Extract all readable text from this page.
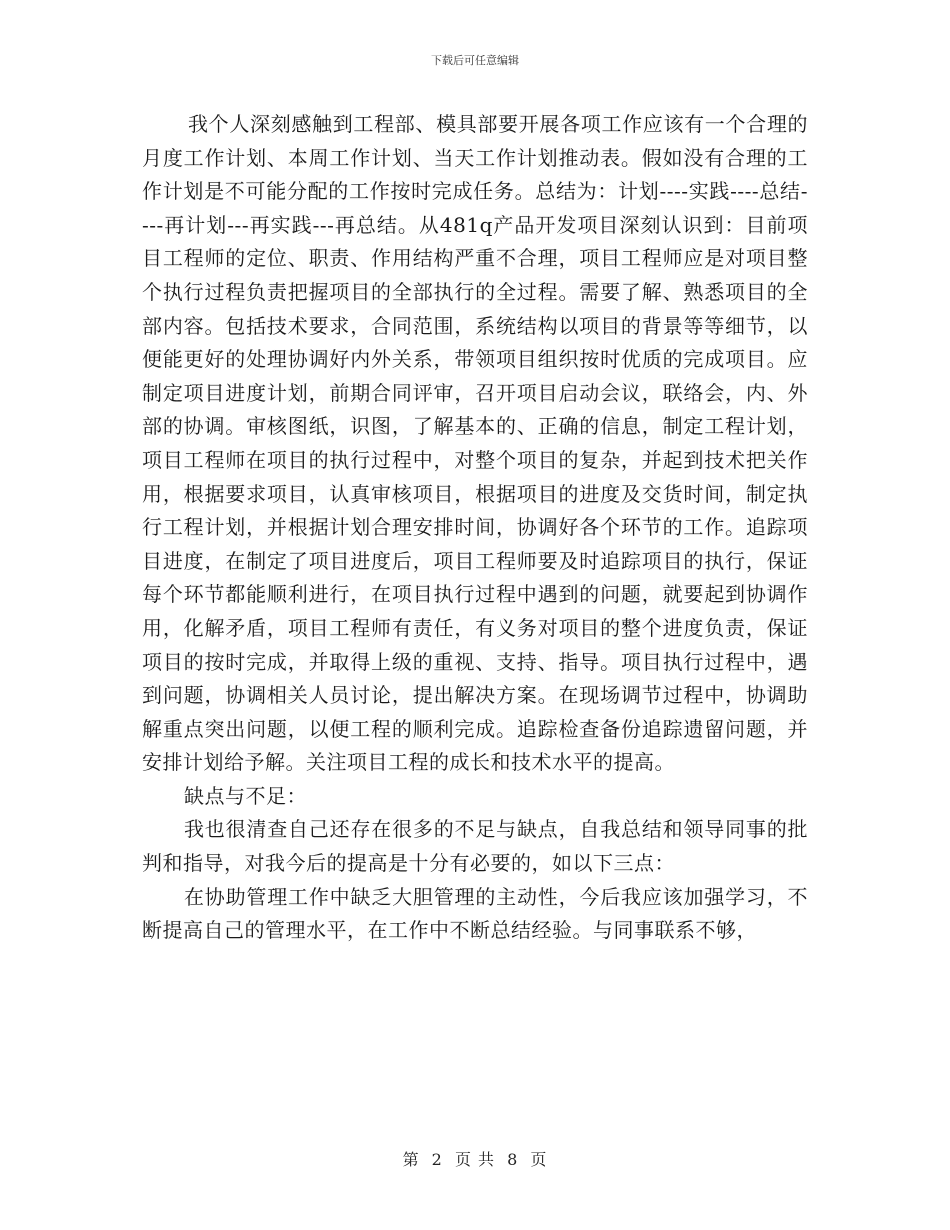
下载后可任意编辑

我个人深刻感触到工程部、模具部要开展各项工作应该有一个合理的月度工作计划、本周工作计划、当天工作计划推动表。假如没有合理的工作计划是不可能分配的工作按时完成任务。总结为：计划----实践----总结----再计划---再实践---再总结。从481q产品开发项目深刻认识到：目前项目工程师的定位、职责、作用结构严重不合理，项目工程师应是对项目整个执行过程负责把握项目的全部执行的全过程。需要了解、熟悉项目的全部内容。包括技术要求，合同范围，系统结构以项目的背景等等细节，以便能更好的处理协调好内外关系，带领项目组织按时优质的完成项目。应制定项目进度计划，前期合同评审，召开项目启动会议，联络会，内、外部的协调。审核图纸，识图，了解基本的、正确的信息，制定工程计划，项目工程师在项目的执行过程中，对整个项目的复杂，并起到技术把关作用，根据要求项目，认真审核项目，根据项目的进度及交货时间，制定执行工程计划，并根据计划合理安排时间，协调好各个环节的工作。追踪项目进度，在制定了项目进度后，项目工程师要及时追踪项目的执行，保证每个环节都能顺利进行，在项目执行过程中遇到的问题，就要起到协调作用，化解矛盾，项目工程师有责任，有义务对项目的整个进度负责，保证项目的按时完成，并取得上级的重视、支持、指导。项目执行过程中，遇到问题，协调相关人员讨论，提出解决方案。在现场调节过程中，协调助解重点突出问题，以便工程的顺利完成。追踪检查备份追踪遗留问题，并安排计划给予解。关注项目工程的成长和技术水平的提高。

缺点与不足：

我也很清查自己还存在很多的不足与缺点，自我总结和领导同事的批判和指导，对我今后的提高是十分有必要的，如以下三点：

在协助管理工作中缺乏大胆管理的主动性，今后我应该加强学习，不断提高自己的管理水平，在工作中不断总结经验。与同事联系不够，

第 2 页 共 8 页
